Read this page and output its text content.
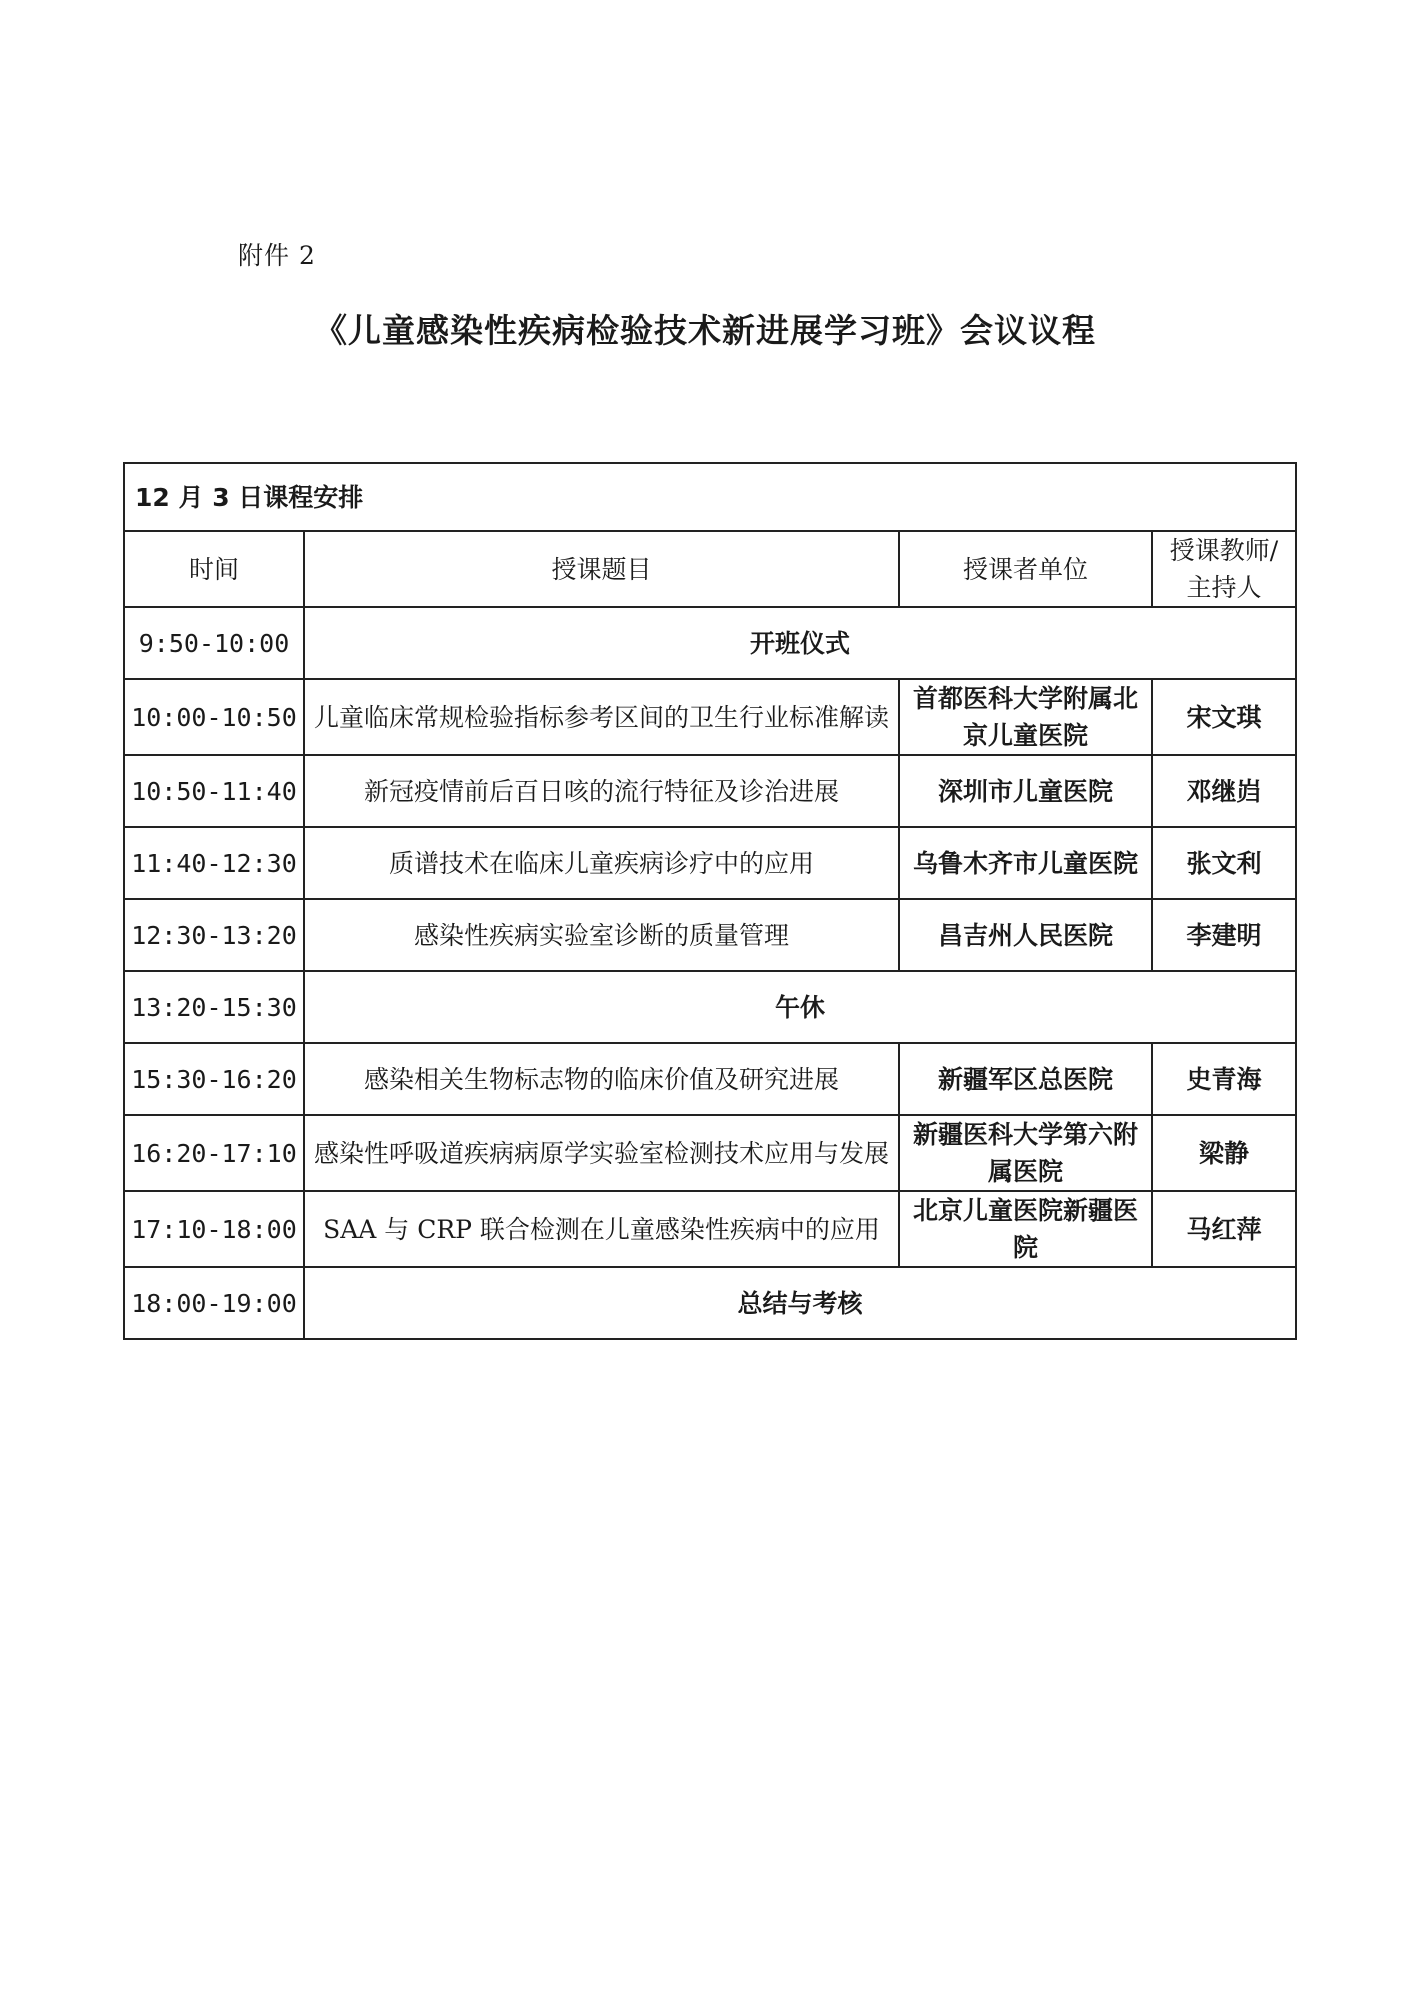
附件 2
《儿童感染性疾病检验技术新进展学习班》会议议程
12 月 3 日课程安排			
时间	授课题目	授课者单位	授课教师/主持人
9:50-10:00	开班仪式		
10:00-10:50	儿童临床常规检验指标参考区间的卫生行业标准解读	首都医科大学附属北京儿童医院	宋文琪
10:50-11:40	新冠疫情前后百日咳的流行特征及诊治进展	深圳市儿童医院	邓继岿
11:40-12:30	质谱技术在临床儿童疾病诊疗中的应用	乌鲁木齐市儿童医院	张文利
12:30-13:20	感染性疾病实验室诊断的质量管理	昌吉州人民医院	李建明
13:20-15:30	午休		
15:30-16:20	感染相关生物标志物的临床价值及研究进展	新疆军区总医院	史青海
16:20-17:10	感染性呼吸道疾病病原学实验室检测技术应用与发展	新疆医科大学第六附属医院	梁静
17:10-18:00	SAA 与 CRP 联合检测在儿童感染性疾病中的应用	北京儿童医院新疆医院	马红萍
18:00-19:00	总结与考核		
